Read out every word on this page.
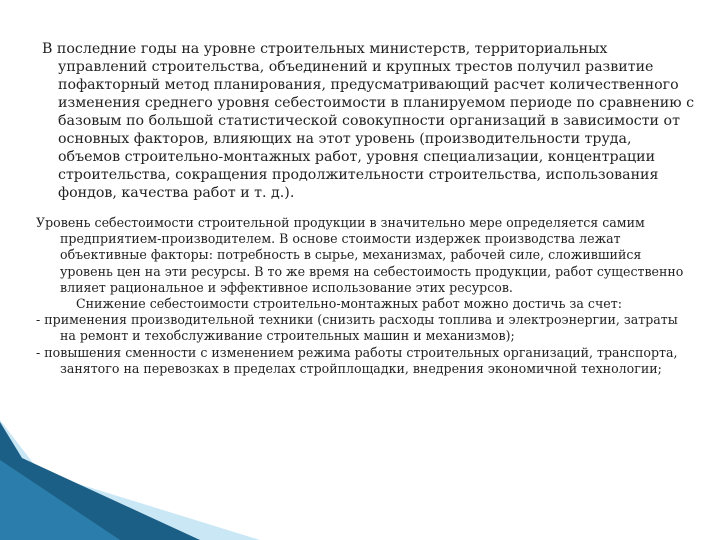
В последние годы на уровне строительных министерств, территориальных управлений строительства, объединений и крупных трестов получил развитие пофакторный метод планирования, предусматривающий расчет количественного изменения среднего уровня себестоимости в планируемом периоде по сравнению с базовым по большой статистической совокупности организаций в зависимости от основных факторов, влияющих на этот уровень (производительности труда, объемов строительно-монтажных работ, уровня специализации, концентрации строительства, сокращения продолжительности строительства, использования фондов, качества работ и т. д.).

Уровень себестоимости строительной продукции в значительно мере определяется самим предприятием-производителем. В основе стоимости издержек производства лежат объективные факторы: потребность в сырье, механизмах, рабочей силе, сложившийся уровень цен на эти ресурсы. В то же время на себестоимость продукции, работ существенно влияет рациональное и эффективное использование этих ресурсов.

Снижение себестоимости строительно-монтажных работ можно достичь за счет:

- применения производительной техники (снизить расходы топлива и электроэнергии, затраты на ремонт и техобслуживание строительных машин и механизмов);

- повышения сменности с изменением режима работы строительных организаций, транспорта, занятого на перевозках в пределах стройплощадки, внедрения экономичной технологии;
